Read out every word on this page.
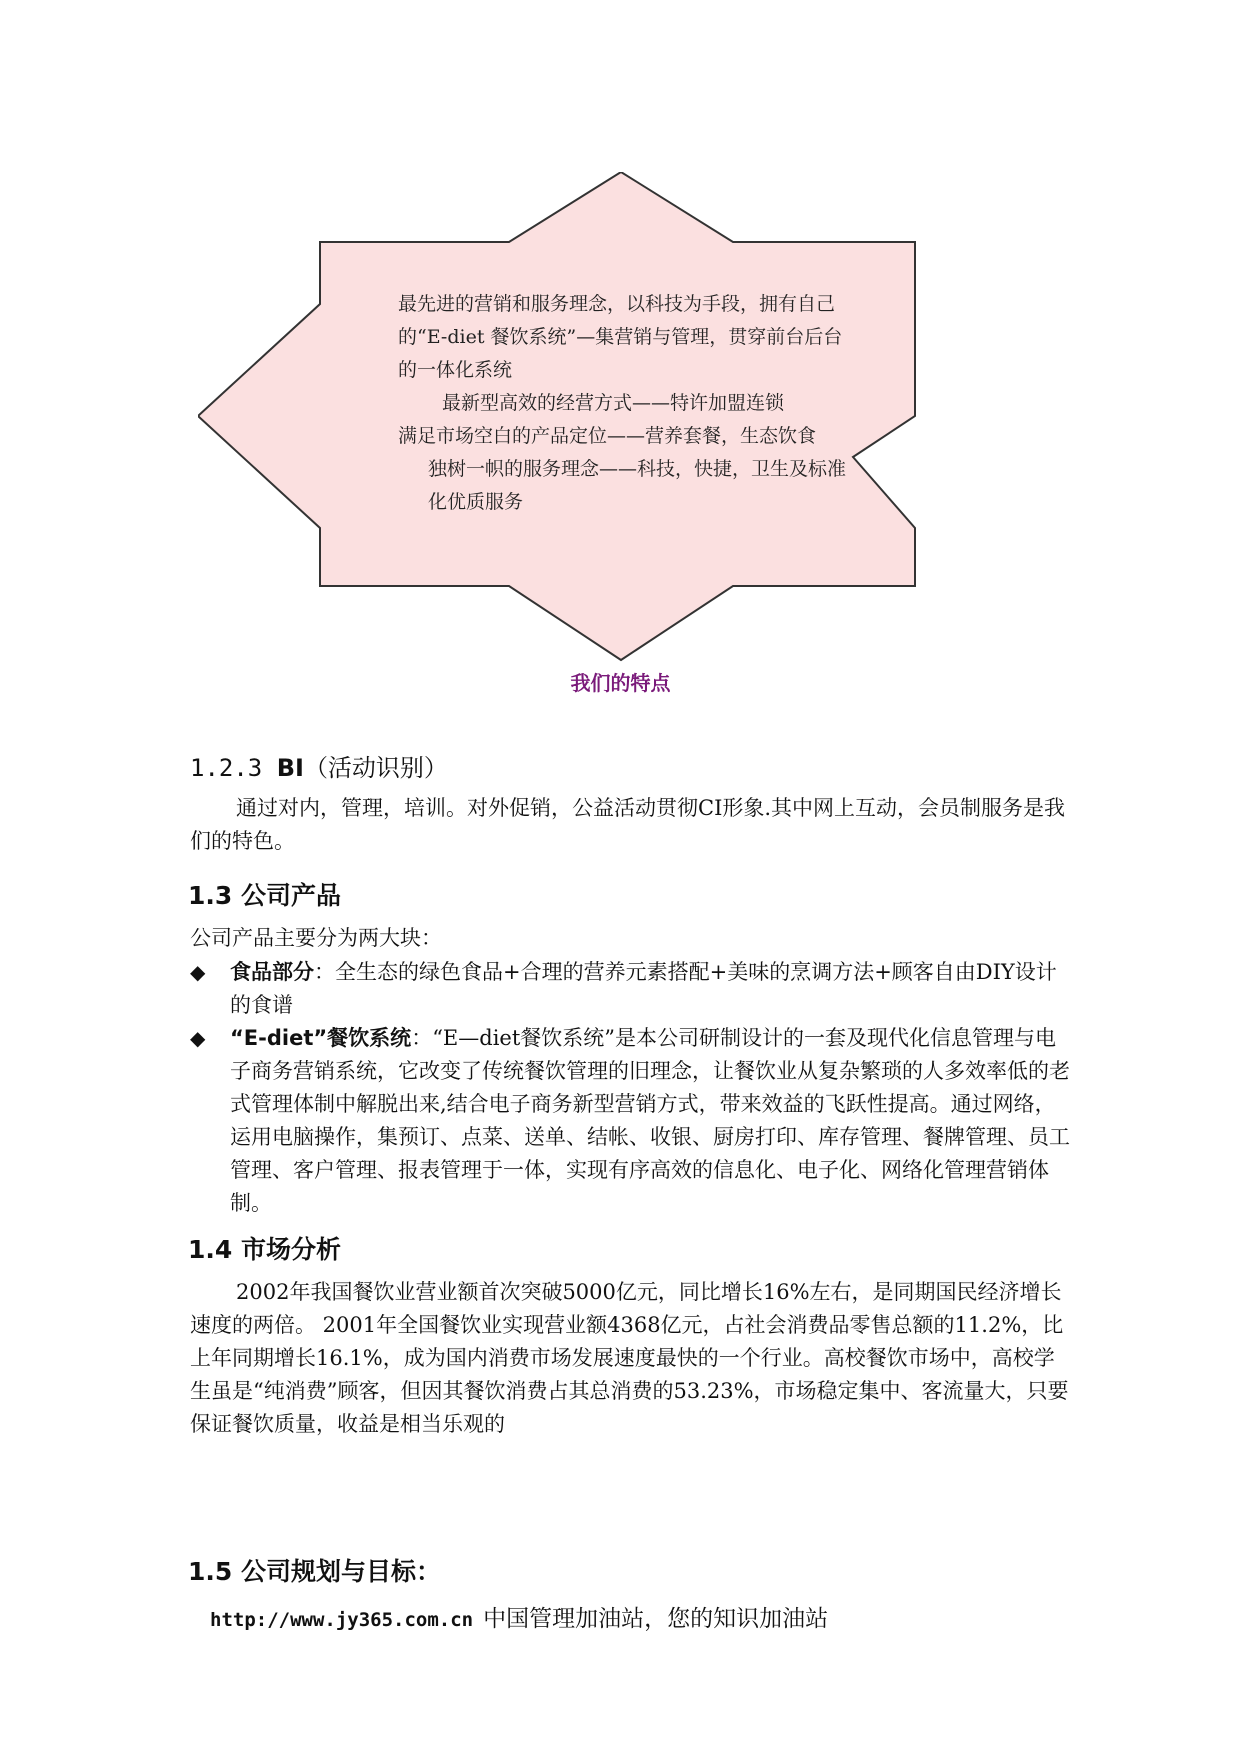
最先进的营销和服务理念，以科技为手段，拥有自己的“E-diet 餐饮系统”—集营销与管理，贯穿前台后台的一体化系统

最新型高效的经营方式——特许加盟连锁

满足市场空白的产品定位——营养套餐，生态饮食

独树一帜的服务理念——科技，快捷，卫生及标准化优质服务

我们的特点
1.2.3 BI（活动识别）

通过对内，管理，培训。对外促销，公益活动贯彻CI形象.其中网上互动，会员制服务是我们的特色。

1.3 公司产品

公司产品主要分为两大块：

◆ 食品部分：全生态的绿色食品+合理的营养元素搭配+美味的烹调方法+顾客自由DIY设计的食谱
◆ “E-diet”餐饮系统：“E—diet餐饮系统”是本公司研制设计的一套及现代化信息管理与电子商务营销系统，它改变了传统餐饮管理的旧理念，让餐饮业从复杂繁琐的人多效率低的老式管理体制中解脱出来,结合电子商务新型营销方式，带来效益的飞跃性提高。通过网络，运用电脑操作，集预订、点菜、送单、结帐、收银、厨房打印、库存管理、餐牌管理、员工管理、客户管理、报表管理于一体，实现有序高效的信息化、电子化、网络化管理营销体制。
1.4 市场分析

2002年我国餐饮业营业额首次突破5000亿元，同比增长16%左右，是同期国民经济增长速度的两倍。 2001年全国餐饮业实现营业额4368亿元，占社会消费品零售总额的11.2%，比上年同期增长16.1%，成为国内消费市场发展速度最快的一个行业。高校餐饮市场中，高校学生虽是“纯消费”顾客，但因其餐饮消费占其总消费的53.23%，市场稳定集中、客流量大，只要保证餐饮质量，收益是相当乐观的

1.5 公司规划与目标：
http://www.jy365.com.cn 中国管理加油站，您的知识加油站
